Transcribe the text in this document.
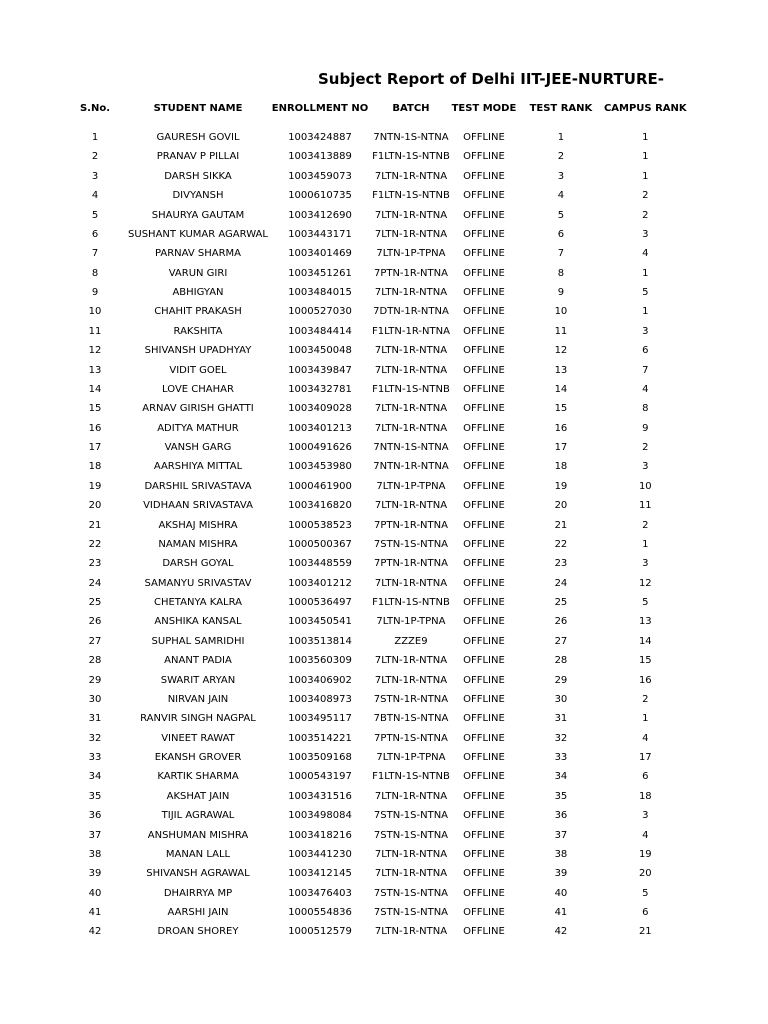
Subject Report of Delhi IIT-JEE-NURTURE-
S.No.	STUDENT NAME	ENROLLMENT NO	BATCH	TEST MODE	TEST RANK	CAMPUS RANK

1	GAURESH GOVIL	1003424887	7NTN-1S-NTNA	OFFLINE	1	1
2	PRANAV P PILLAI	1003413889	F1LTN-1S-NTNB	OFFLINE	2	1
3	DARSH SIKKA	1003459073	7LTN-1R-NTNA	OFFLINE	3	1
4	DIVYANSH	1000610735	F1LTN-1S-NTNB	OFFLINE	4	2
5	SHAURYA GAUTAM	1003412690	7LTN-1R-NTNA	OFFLINE	5	2
6	SUSHANT KUMAR AGARWAL	1003443171	7LTN-1R-NTNA	OFFLINE	6	3
7	PARNAV SHARMA	1003401469	7LTN-1P-TPNA	OFFLINE	7	4
8	VARUN GIRI	1003451261	7PTN-1R-NTNA	OFFLINE	8	1
9	ABHIGYAN	1003484015	7LTN-1R-NTNA	OFFLINE	9	5
10	CHAHIT PRAKASH	1000527030	7DTN-1R-NTNA	OFFLINE	10	1
11	RAKSHITA	1003484414	F1LTN-1R-NTNA	OFFLINE	11	3
12	SHIVANSH UPADHYAY	1003450048	7LTN-1R-NTNA	OFFLINE	12	6
13	VIDIT GOEL	1003439847	7LTN-1R-NTNA	OFFLINE	13	7
14	LOVE CHAHAR	1003432781	F1LTN-1S-NTNB	OFFLINE	14	4
15	ARNAV GIRISH GHATTI	1003409028	7LTN-1R-NTNA	OFFLINE	15	8
16	ADITYA MATHUR	1003401213	7LTN-1R-NTNA	OFFLINE	16	9
17	VANSH GARG	1000491626	7NTN-1S-NTNA	OFFLINE	17	2
18	AARSHIYA MITTAL	1003453980	7NTN-1R-NTNA	OFFLINE	18	3
19	DARSHIL SRIVASTAVA	1000461900	7LTN-1P-TPNA	OFFLINE	19	10
20	VIDHAAN SRIVASTAVA	1003416820	7LTN-1R-NTNA	OFFLINE	20	11
21	AKSHAJ MISHRA	1000538523	7PTN-1R-NTNA	OFFLINE	21	2
22	NAMAN MISHRA	1000500367	7STN-1S-NTNA	OFFLINE	22	1
23	DARSH GOYAL	1003448559	7PTN-1R-NTNA	OFFLINE	23	3
24	SAMANYU SRIVASTAV	1003401212	7LTN-1R-NTNA	OFFLINE	24	12
25	CHETANYA KALRA	1000536497	F1LTN-1S-NTNB	OFFLINE	25	5
26	ANSHIKA KANSAL	1003450541	7LTN-1P-TPNA	OFFLINE	26	13
27	SUPHAL SAMRIDHI	1003513814	ZZZE9	OFFLINE	27	14
28	ANANT PADIA	1003560309	7LTN-1R-NTNA	OFFLINE	28	15
29	SWARIT ARYAN	1003406902	7LTN-1R-NTNA	OFFLINE	29	16
30	NIRVAN JAIN	1003408973	7STN-1R-NTNA	OFFLINE	30	2
31	RANVIR SINGH NAGPAL	1003495117	7BTN-1S-NTNA	OFFLINE	31	1
32	VINEET RAWAT	1003514221	7PTN-1S-NTNA	OFFLINE	32	4
33	EKANSH GROVER	1003509168	7LTN-1P-TPNA	OFFLINE	33	17
34	KARTIK SHARMA	1000543197	F1LTN-1S-NTNB	OFFLINE	34	6
35	AKSHAT JAIN	1003431516	7LTN-1R-NTNA	OFFLINE	35	18
36	TIJIL AGRAWAL	1003498084	7STN-1S-NTNA	OFFLINE	36	3
37	ANSHUMAN MISHRA	1003418216	7STN-1S-NTNA	OFFLINE	37	4
38	MANAN LALL	1003441230	7LTN-1R-NTNA	OFFLINE	38	19
39	SHIVANSH AGRAWAL	1003412145	7LTN-1R-NTNA	OFFLINE	39	20
40	DHAIRRYA MP	1003476403	7STN-1S-NTNA	OFFLINE	40	5
41	AARSHI JAIN	1000554836	7STN-1S-NTNA	OFFLINE	41	6
42	DROAN SHOREY	1000512579	7LTN-1R-NTNA	OFFLINE	42	21
